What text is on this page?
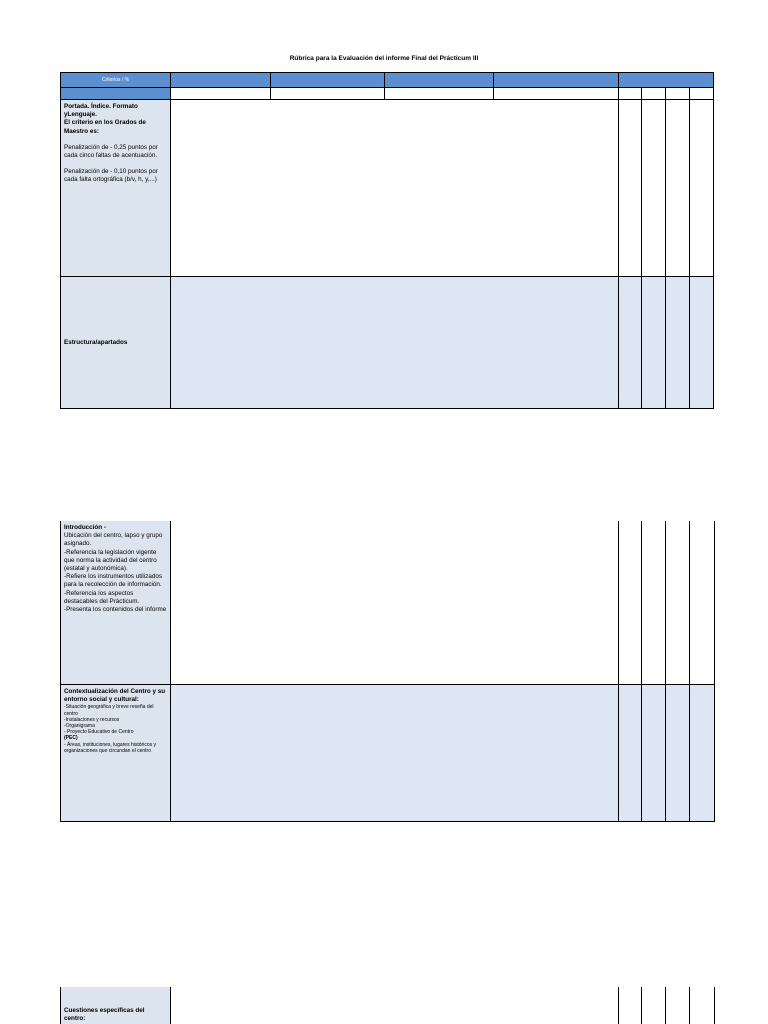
Rúbrica para la Evaluación del informe Final del Prácticum III
Criterios / %
Portada. Índice. Formato yLenguaje.
El criterio en los Grados de Maestro es:
Penalización de - 0,25 puntos por cada cinco faltas de acentuación.
Penalización de - 0,10 puntos por cada falta ortográfica (b/v, h, y,...)
Estructura/apartados
Introducción -
Ubicación del centro, lapso y grupo asignado.
-Referencia la legislación vigente que norma la actividad del centro (estatal y autonómica).
-Refiere los instrumentos utilizados para la recolección de información.
-Referencia los aspectos destacables del Prácticum.
-Presenta los contenidos del informe
Contextualización del Centro y su entorno social y cultural:
-Situación geográfica y breve reseña del centro
-Instalaciones y recursos
-Organigrama
- Proyecto Educativo de Centro
(PEC)
- Áreas, instituciones, lugares históricos y organizaciones que circundan el centro
Cuestiones específicas del centro:
